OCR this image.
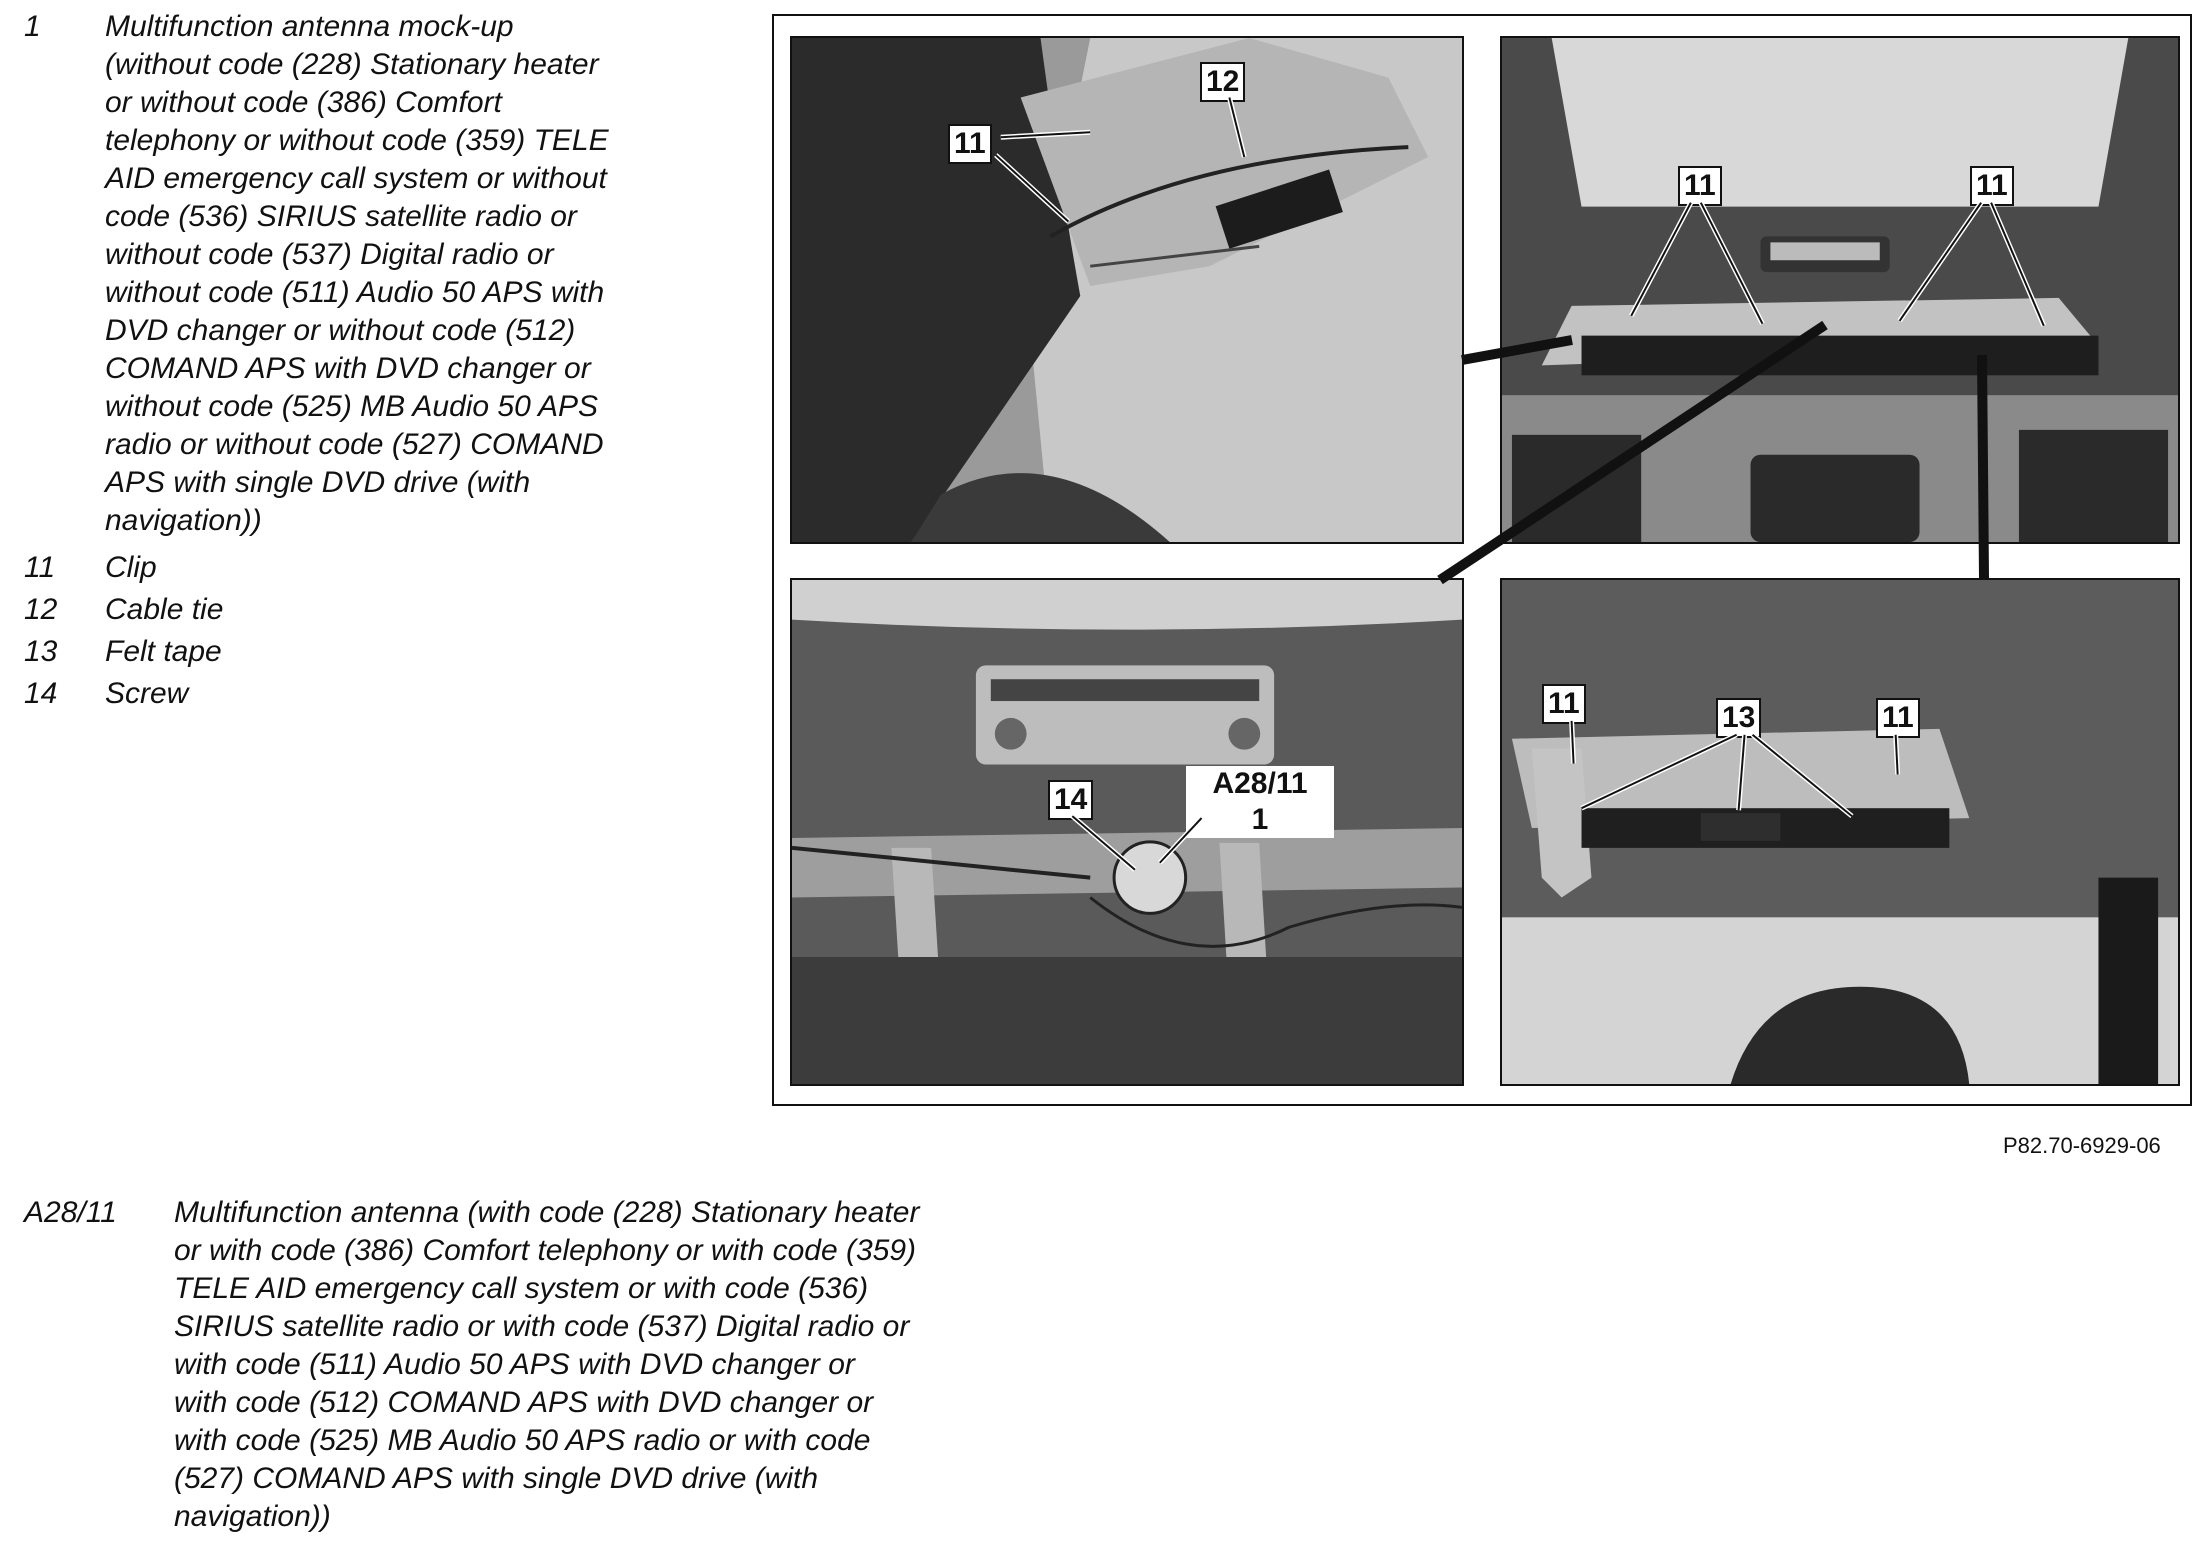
1 Multifunction antenna mock-up
(without code (228) Stationary heater
or without code (386) Comfort
telephony or without code (359) TELE
AID emergency call system or without
code (536) SIRIUS satellite radio or
without code (537) Digital radio or
without code (511) Audio 50 APS with
DVD changer or without code (512)
COMAND APS with DVD changer or
without code (525) MB Audio 50 APS
radio or without code (527) COMAND
APS with single DVD drive (with
navigation))
11 Clip
12 Cable tie
13 Felt tape
14 Screw
11
12
11	11
14	A28/11
1
11	13	11
P82.70-6929-06
A28/11 Multifunction antenna (with code (228) Stationary heater
or with code (386) Comfort telephony or with code (359)
TELE AID emergency call system or with code (536)
SIRIUS satellite radio or with code (537) Digital radio or
with code (511) Audio 50 APS with DVD changer or
with code (512) COMAND APS with DVD changer or
with code (525) MB Audio 50 APS radio or with code
(527) COMAND APS with single DVD drive (with
navigation))
